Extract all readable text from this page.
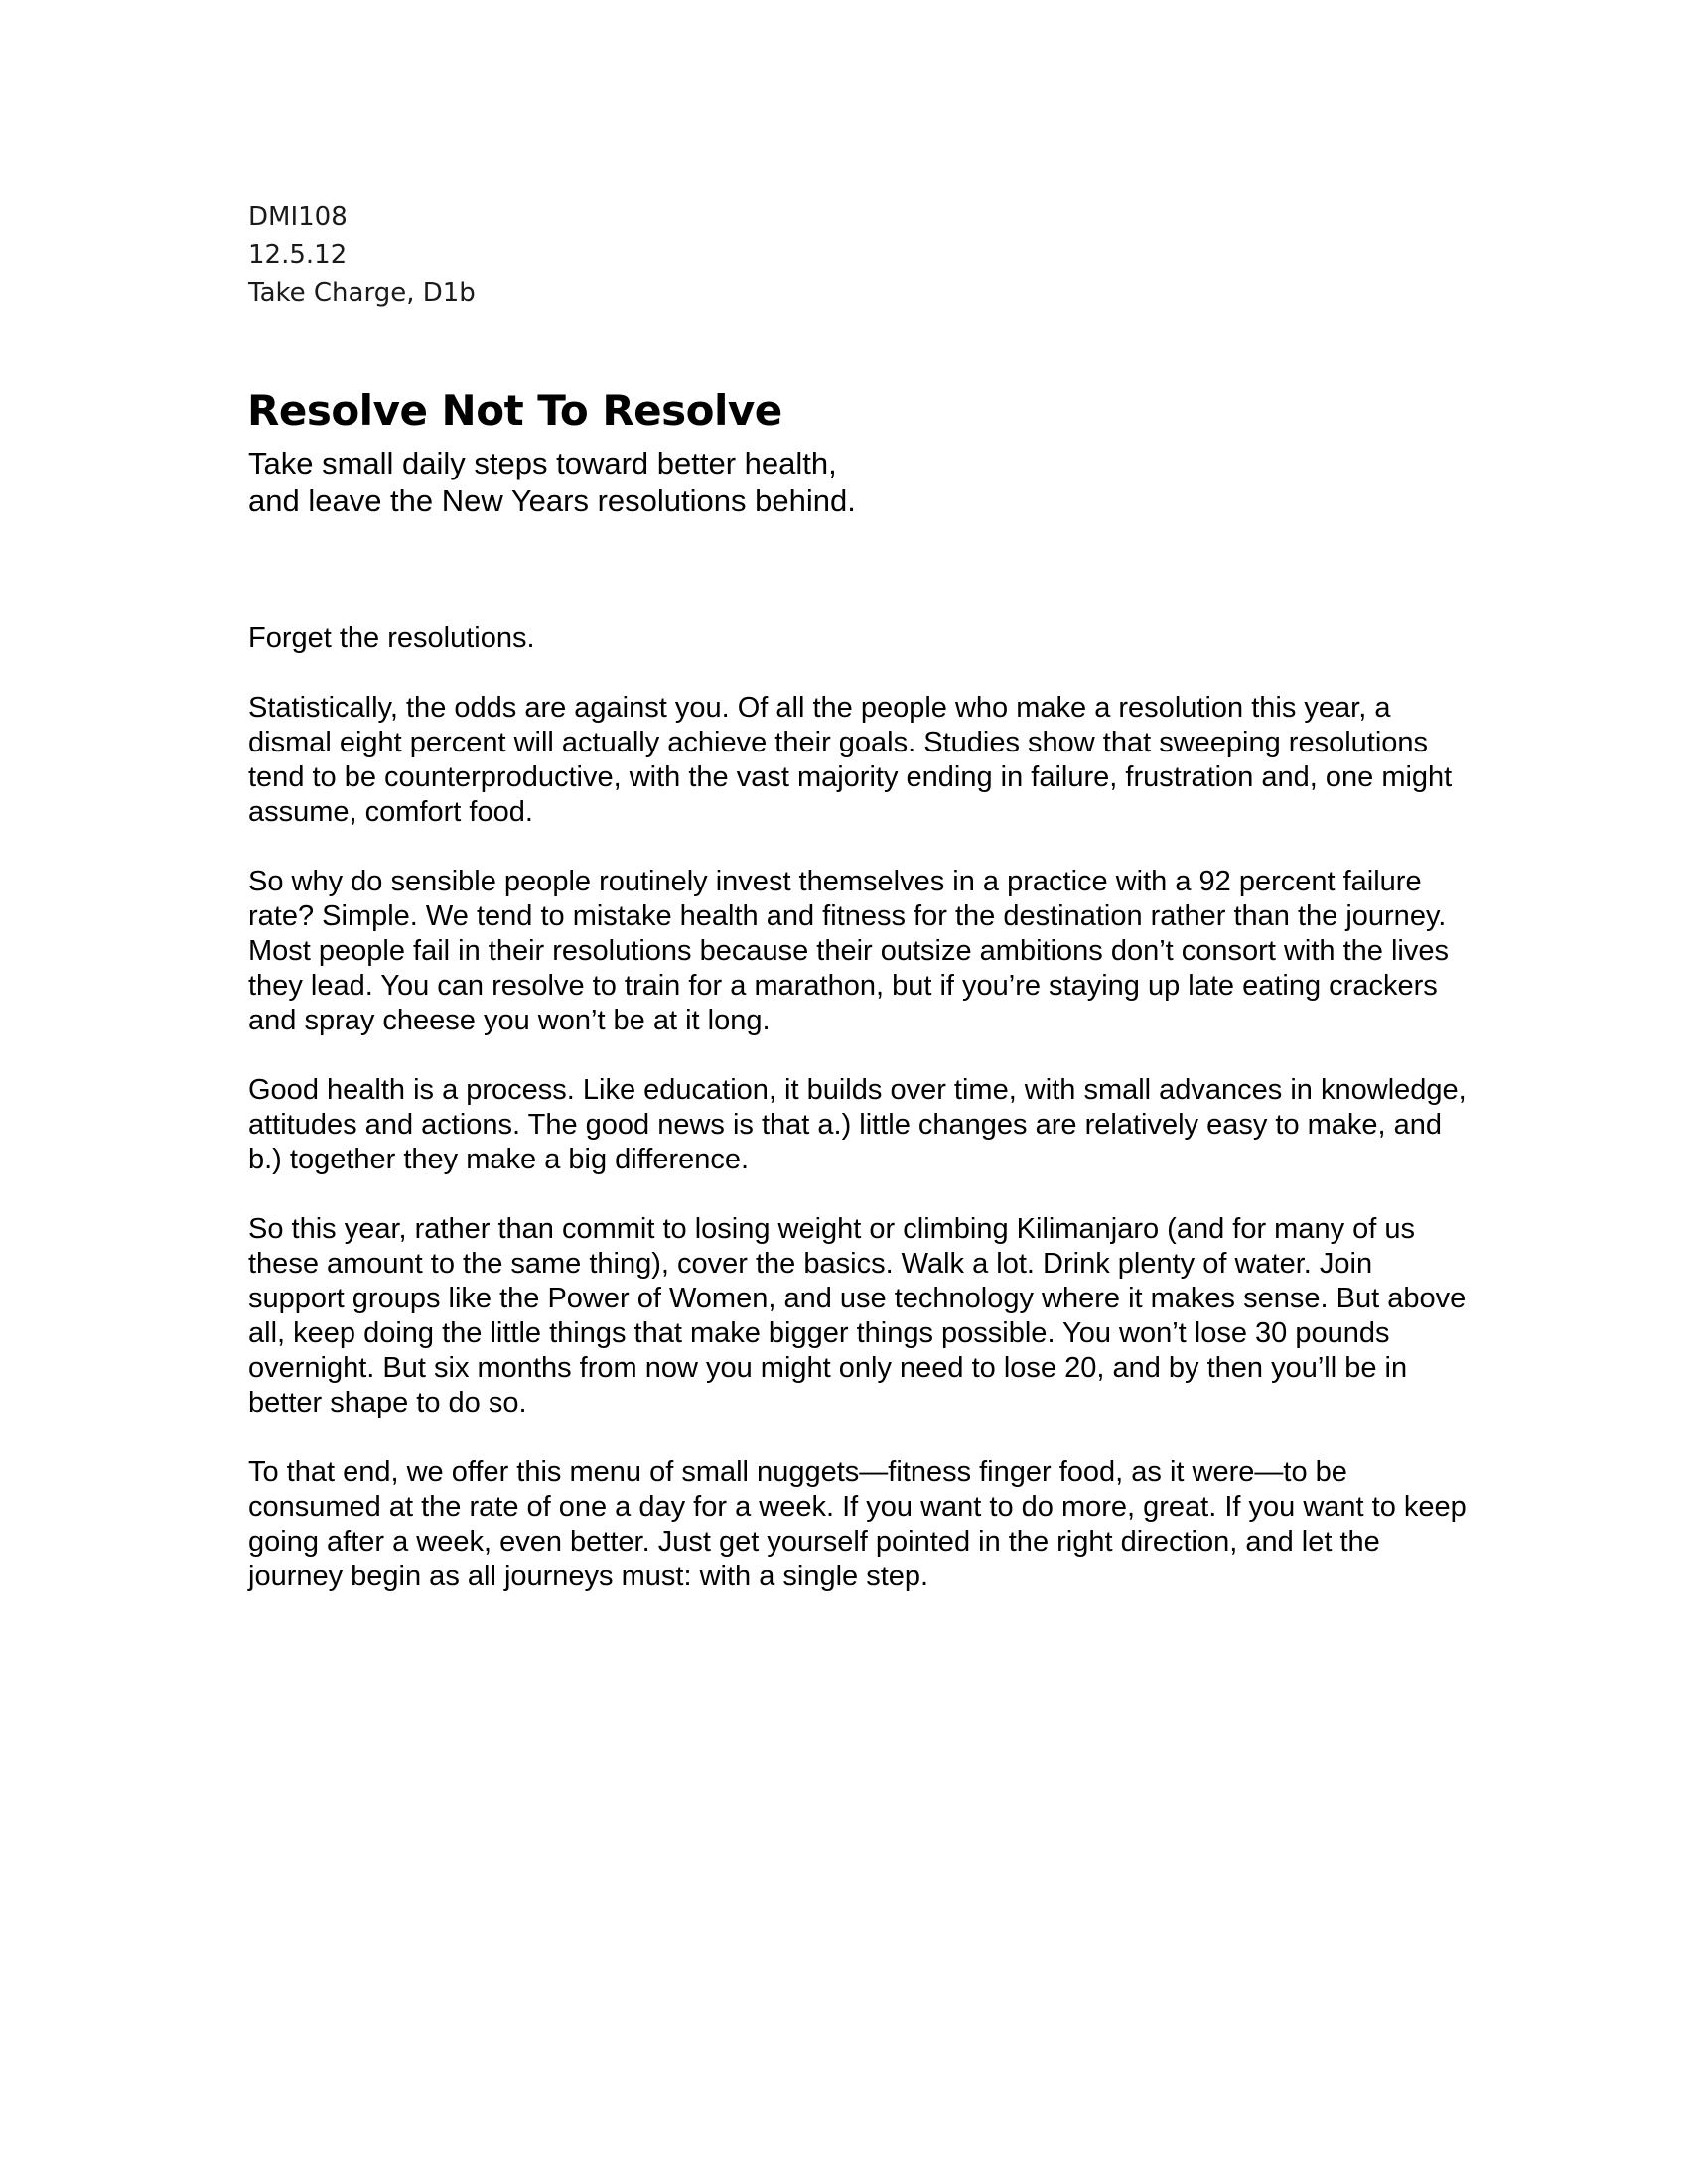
DMI108
12.5.12
Take Charge, D1b
Resolve Not To Resolve
Take small daily steps toward better health,
and leave the New Years resolutions behind.

Forget the resolutions.

Statistically, the odds are against you. Of all the people who make a resolution this year, a dismal eight percent will actually achieve their goals. Studies show that sweeping resolutions tend to be counterproductive, with the vast majority ending in failure, frustration and, one might assume, comfort food.

So why do sensible people routinely invest themselves in a practice with a 92 percent failure rate? Simple. We tend to mistake health and fitness for the destination rather than the journey. Most people fail in their resolutions because their outsize ambitions don’t consort with the lives they lead. You can resolve to train for a marathon, but if you’re staying up late eating crackers and spray cheese you won’t be at it long.

Good health is a process. Like education, it builds over time, with small advances in knowledge, attitudes and actions. The good news is that a.) little changes are relatively easy to make, and b.) together they make a big difference.

So this year, rather than commit to losing weight or climbing Kilimanjaro (and for many of us these amount to the same thing), cover the basics. Walk a lot. Drink plenty of water. Join support groups like the Power of Women, and use technology where it makes sense. But above all, keep doing the little things that make bigger things possible. You won’t lose 30 pounds overnight. But six months from now you might only need to lose 20, and by then you’ll be in better shape to do so.

To that end, we offer this menu of small nuggets—fitness finger food, as it were—to be consumed at the rate of one a day for a week. If you want to do more, great. If you want to keep going after a week, even better. Just get yourself pointed in the right direction, and let the journey begin as all journeys must: with a single step.
